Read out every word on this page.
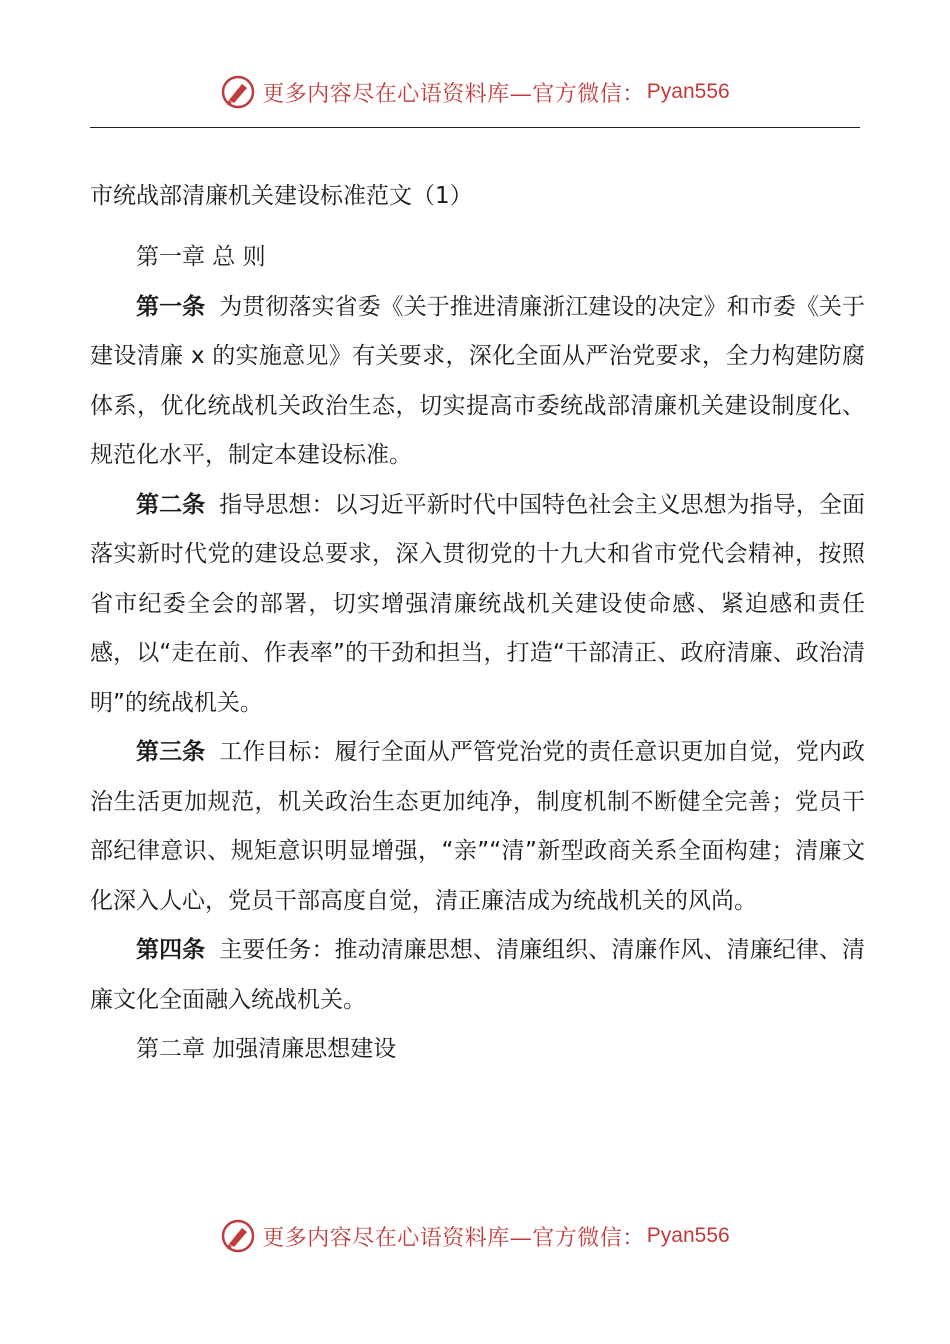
更多内容尽在心语资料库—官方微信： Pyan556
市统战部清廉机关建设标准范文（1）

第一章 总 则

第一条 为贯彻落实省委《关于推进清廉浙江建设的决定》和市委《关于建设清廉 x 的实施意见》有关要求，深化全面从严治党要求，全力构建防腐体系，优化统战机关政治生态，切实提高市委统战部清廉机关建设制度化、规范化水平，制定本建设标准。

第二条 指导思想：以习近平新时代中国特色社会主义思想为指导，全面落实新时代党的建设总要求，深入贯彻党的十九大和省市党代会精神，按照省市纪委全会的部署，切实增强清廉统战机关建设使命感、紧迫感和责任感，以“走在前、作表率”的干劲和担当，打造“干部清正、政府清廉、政治清明”的统战机关。

第三条 工作目标：履行全面从严管党治党的责任意识更加自觉，党内政治生活更加规范，机关政治生态更加纯净，制度机制不断健全完善；党员干部纪律意识、规矩意识明显增强，“亲”“清”新型政商关系全面构建；清廉文化深入人心，党员干部高度自觉，清正廉洁成为统战机关的风尚。

第四条 主要任务：推动清廉思想、清廉组织、清廉作风、清廉纪律、清廉文化全面融入统战机关。

第二章 加强清廉思想建设

更多内容尽在心语资料库—官方微信： Pyan556
